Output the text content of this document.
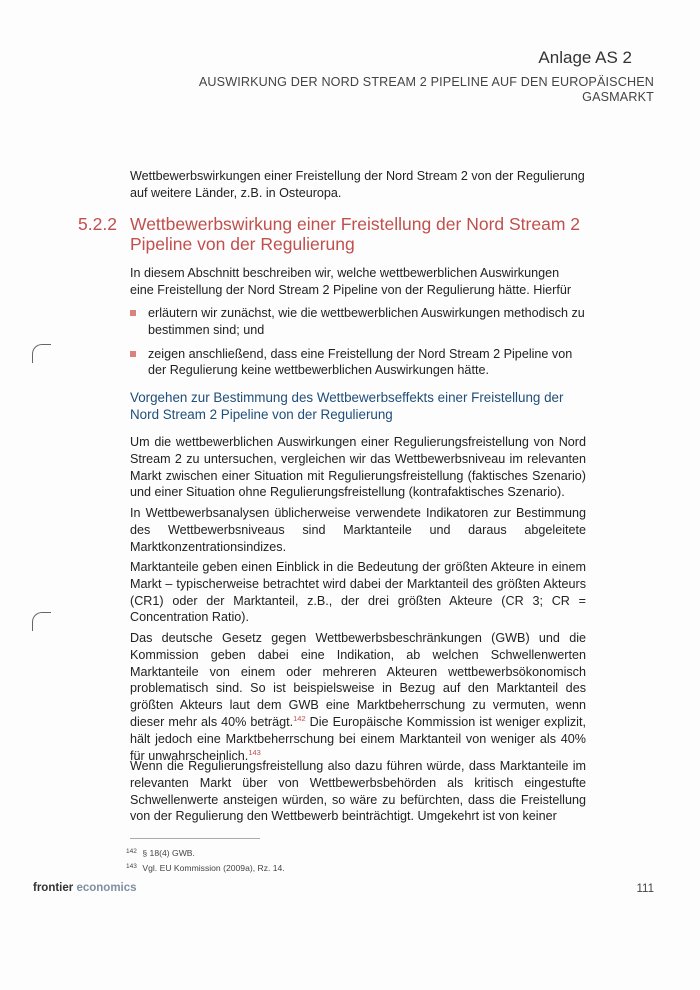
Anlage AS 2
AUSWIRKUNG DER NORD STREAM 2 PIPELINE AUF DEN EUROPÄISCHEN GASMARKT
Wettbewerbswirkungen einer Freistellung der Nord Stream 2 von der Regulierung auf weitere Länder, z.B. in Osteuropa.
5.2.2 Wettbewerbswirkung einer Freistellung der Nord Stream 2 Pipeline von der Regulierung
In diesem Abschnitt beschreiben wir, welche wettbewerblichen Auswirkungen eine Freistellung der Nord Stream 2 Pipeline von der Regulierung hätte. Hierfür
erläutern wir zunächst, wie die wettbewerblichen Auswirkungen methodisch zu bestimmen sind; und
zeigen anschließend, dass eine Freistellung der Nord Stream 2 Pipeline von der Regulierung keine wettbewerblichen Auswirkungen hätte.
Vorgehen zur Bestimmung des Wettbewerbseffekts einer Freistellung der Nord Stream 2 Pipeline von der Regulierung
Um die wettbewerblichen Auswirkungen einer Regulierungsfreistellung von Nord Stream 2 zu untersuchen, vergleichen wir das Wettbewerbsniveau im relevanten Markt zwischen einer Situation mit Regulierungsfreistellung (faktisches Szenario) und einer Situation ohne Regulierungsfreistellung (kontrafaktisches Szenario).
In Wettbewerbsanalysen üblicherweise verwendete Indikatoren zur Bestimmung des Wettbewerbsniveaus sind Marktanteile und daraus abgeleitete Marktkonzentrationsindizes.
Marktanteile geben einen Einblick in die Bedeutung der größten Akteure in einem Markt – typischerweise betrachtet wird dabei der Marktanteil des größten Akteurs (CR1) oder der Marktanteil, z.B., der drei größten Akteure (CR 3; CR = Concentration Ratio).
Das deutsche Gesetz gegen Wettbewerbsbeschränkungen (GWB) und die Kommission geben dabei eine Indikation, ab welchen Schwellenwerten Marktanteile von einem oder mehreren Akteuren wettbewerbsökonomisch problematisch sind. So ist beispielsweise in Bezug auf den Marktanteil des größten Akteurs laut dem GWB eine Marktbeherrschung zu vermuten, wenn dieser mehr als 40% beträgt.$^{142}$ Die Europäische Kommission ist weniger explizit, hält jedoch eine Marktbeherrschung bei einem Marktanteil von weniger als 40% für unwahrscheinlich.$^{143}$
Wenn die Regulierungsfreistellung also dazu führen würde, dass Marktanteile im relevanten Markt über von Wettbewerbsbehörden als kritisch eingestufte Schwellenwerte ansteigen würden, so wäre zu befürchten, dass die Freistellung von der Regulierung den Wettbewerb beinträchtigt. Umgekehrt ist von keiner
142 § 18(4) GWB.
143 Vgl. EU Kommission (2009a), Rz. 14.
frontier economics	111
